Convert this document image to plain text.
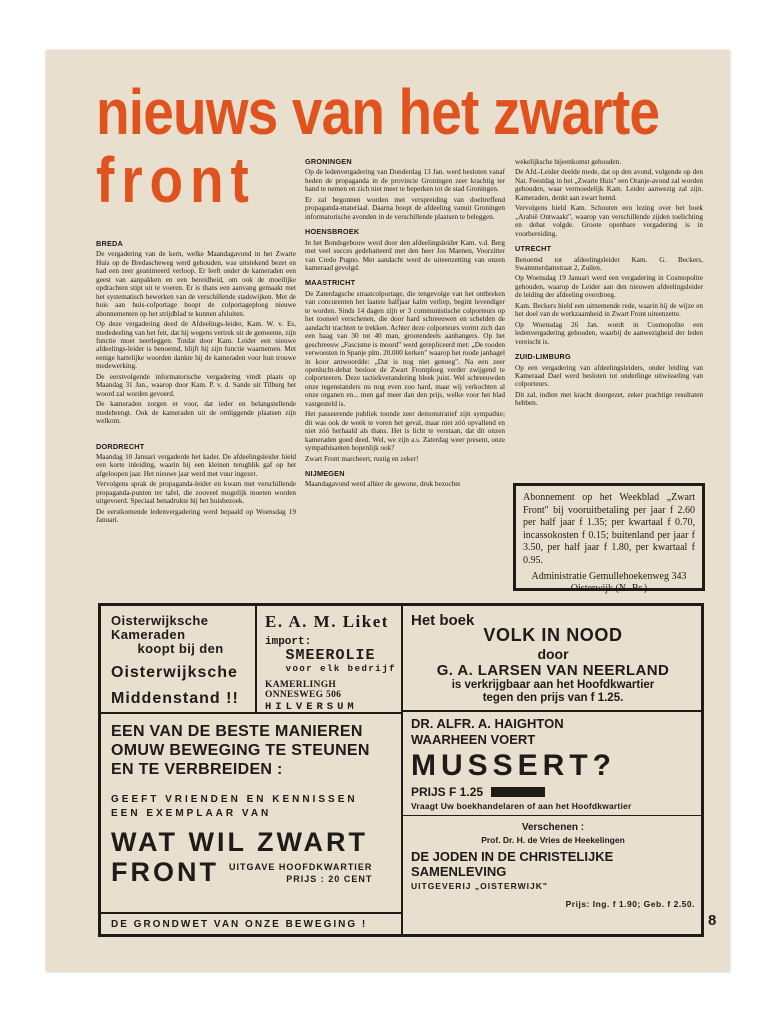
nieuws van het zwarte
front
BREDA

De vergadering van de kern, welke Maandagavond in het Zwarte Huis op de Bredascheweg werd gehouden, was uitstekend bezet en had een zeer geanimeerd verloop. Er leeft onder de kameraden een geest van aanpakken en een bereidheid, om ook de moeilijke opdrachten stipt uit te voeren. Er is thans een aanvang gemaakt met het systematisch bewerken van de verschillende stadswijken. Met de huis aan huis-colportage hoopt de colportageploeg nieuwe abonnementen op het strijdblad te kunnen afsluiten.

Op deze vergadering deed de Afdeelings-leider, Kam. W. v. Es, mededeeling van het feit, dat hij wegens vertrek uit de gemeente, zijn functie moet neerleggen. Totdat door Kam. Leider een nieuwe afdeelings-leider is benoemd, blijft hij zijn functie waarnemen. Met eenige hartelijke woorden dankte hij de kameraden voor hun trouwe medewerking.

De eerstvolgende informatorische vergadering vindt plaats op Maandag 31 Jan., waarop door Kam. P. v. d. Sande uit Tilburg het woord zal worden gevoerd.

De kameraden zorgen er voor, dat ieder en belangstellende medebrengt. Ook de kameraden uit de omliggende plaatsen zijn welkom.

DORDRECHT

Maandag 10 Januari vergaderde het kader. De afdeelingsleider hield een korte inleiding, waarin hij een kleinen terugblik gaf op het afgeloopen jaar. Het nieuwe jaar werd met vuur ingezet.

Vervolgens sprak de propaganda-leider en kwam met verschillende propaganda-punten ter tafel, die zooveel mogelijk moeten worden uitgevoerd. Speciaal benadrukte hij het huisbezoek.

De eerstkomende ledenvergadering werd bepaald op Woensdag 19 Januari.

GRONINGEN

Op de ledenvergadering van Donderdag 13 Jan. werd besloten vanaf heden de propaganda in de provincie Groningen zeer krachtig ter hand te nemen en zich niet meer te beperken tot de stad Groningen.

Er zal begonnen worden met verspreiding van doeltreffend propaganda-materiaal. Daarna hoopt de afdeeling vanuit Groningen informatorische avonden in de verschillende plaatsen te beleggen.

HOENSBROEK

In het Bondsgebouw werd door den afdeelingsleider Kam. v.d. Berg met veel succes gedebatteerd met den heer Jos Maenen, Voorzitter van Credo Pugno. Met aandacht werd de uiteenzetting van onzen kameraad gevolgd.

MAASTRICHT

De Zaterdagsche straatcolportage, die tengevolge van het ontbreken van concurenten het laatste halfjaar kalm verliep, begint levendiger te worden. Sinds 14 dagen zijn er 3 communistische colporteurs op het tooneel verschenen, die door hard schreeuwen en schelden de aandacht trachten te trekken. Achter deze colporteurs vormt zich dan een haag van 30 tot 40 man, grootendeels aanhangers. Op het geschreeuw „Fascisme is moord" werd gerepliceerd met: „De rooden verwoesten in Spanje plm. 20.000 kerken" waarop het roode janhagel in koor antwoordde: „Dat is nog niet genoeg". Na een zeer openlucht-debat besloot de Zwart Frontploeg verder zwijgend te colporteeren. Deze tactiekverandering bleek juist. Wel schreeuwden onze tegenstanders nu nog even zoo hard, maar wij verkochten al onze organen en... men gaf meer dan den prijs, welke voor het blad vastgesteld is.

Het passeerende publiek toonde zeer demonstratief zijn sympathie; dit was ook de week te voren het geval, maar niet zóó opvallend en niet zóó herhaald als thans. Het is licht te verstaan, dat dit onzen kameraden goed deed. Wel, we zijn a.s. Zaterdag weer present, onze sympathisanten hopenlijk ook?

Zwart Front marcheert, rustig en zeker!

NIJMEGEN

Maandagavond werd alhier de gewone, druk bezochte

wekelijksche bijeenkomst gehouden.

De Afd.-Leider deelde mede, dat op den avond, volgende op den Nat. Feestdag in het „Zwarte Huis" een Oranje-avond zal worden gehouden, waar vermoedelijk Kam. Leider aanwezig zal zijn. Kameraden, denkt aan zwart hemd.

Vervolgens hield Kam. Schouten een lezing over het boek „Arabië Ontwaakt", waarop van verschillende zijden toelichting en debat volgde. Groote openbare vergadering is in voorbereiding.

UTRECHT

Benoemd tot afdeelingsleider Kam. G. Beckers, Swammerdamstraat 2, Zuilen.

Op Woensdag 19 Januari werd een vergadering in Cosmopolite gehouden, waarop de Leider aan den nieuwen afdeelingsleider de leiding der afdeeling overdroeg.

Kam. Beckers hield een uitnemende rede, waarin hij de wijze en het doel van de werkzaamheid in Zwart Front uiteenzette.

Op Woensdag 26 Jan. wordt in Cosmopolite een ledenvergadering gehouden, waarbij de aanwezigheid der leden vereischt is.

ZUID-LIMBURG

Op een vergadering van afdeelingsleiders, onder leiding van Kameraad Dael werd besloten tot onderlinge uitwisseling van colporteurs.

Dit zal, indien met kracht doorgezet, zeker prachtige resultaten hebben.

Abonnement op het Weekblad „Zwart Front" bij vooruitbetaling per jaar f 2.60 per half jaar f 1.35; per kwartaal f 0.70, incassokosten f 0.15; buitenland per jaar f 3.50, per half jaar f 1.80, per kwartaal f 0.95.
Administratie Gemullehoekenweg 343
Oisterwijk (N.-Br.)
Oisterwijksche Kameraden
koopt bij den
Oisterwijksche
Middenstand !!
E. A. M. Liket
import:
SMEEROLIE
voor elk bedrijf
KAMERLINGH ONNESWEG 506
HILVERSUM
EEN VAN DE BESTE MANIEREN
OMUW BEWEGING TE STEUNEN
EN TE VERBREIDEN :
GEEFT VRIENDEN EN KENNISSEN
EEN EXEMPLAAR VAN
WAT WIL ZWART
FRONT UITGAVE HOOFDKWARTIER
PRIJS : 20 CENT
DE GRONDWET VAN ONZE BEWEGING !
Het boek
VOLK IN NOOD
door
G. A. LARSEN VAN NEERLAND
is verkrijgbaar aan het Hoofdkwartier
tegen den prijs van f 1.25.
DR. ALFR. A. HAIGHTON
WAARHEEN VOERT
MUSSERT?
PRIJS F 1.25
Vraagt Uw boekhandelaren of aan het Hoofdkwartier
Verschenen :
Prof. Dr. H. de Vries de Heekelingen
DE JODEN IN DE CHRISTELIJKE SAMENLEVING
UITGEVERIJ „OISTERWIJK"
Prijs: Ing. f 1.90; Geb. f 2.50.
8
